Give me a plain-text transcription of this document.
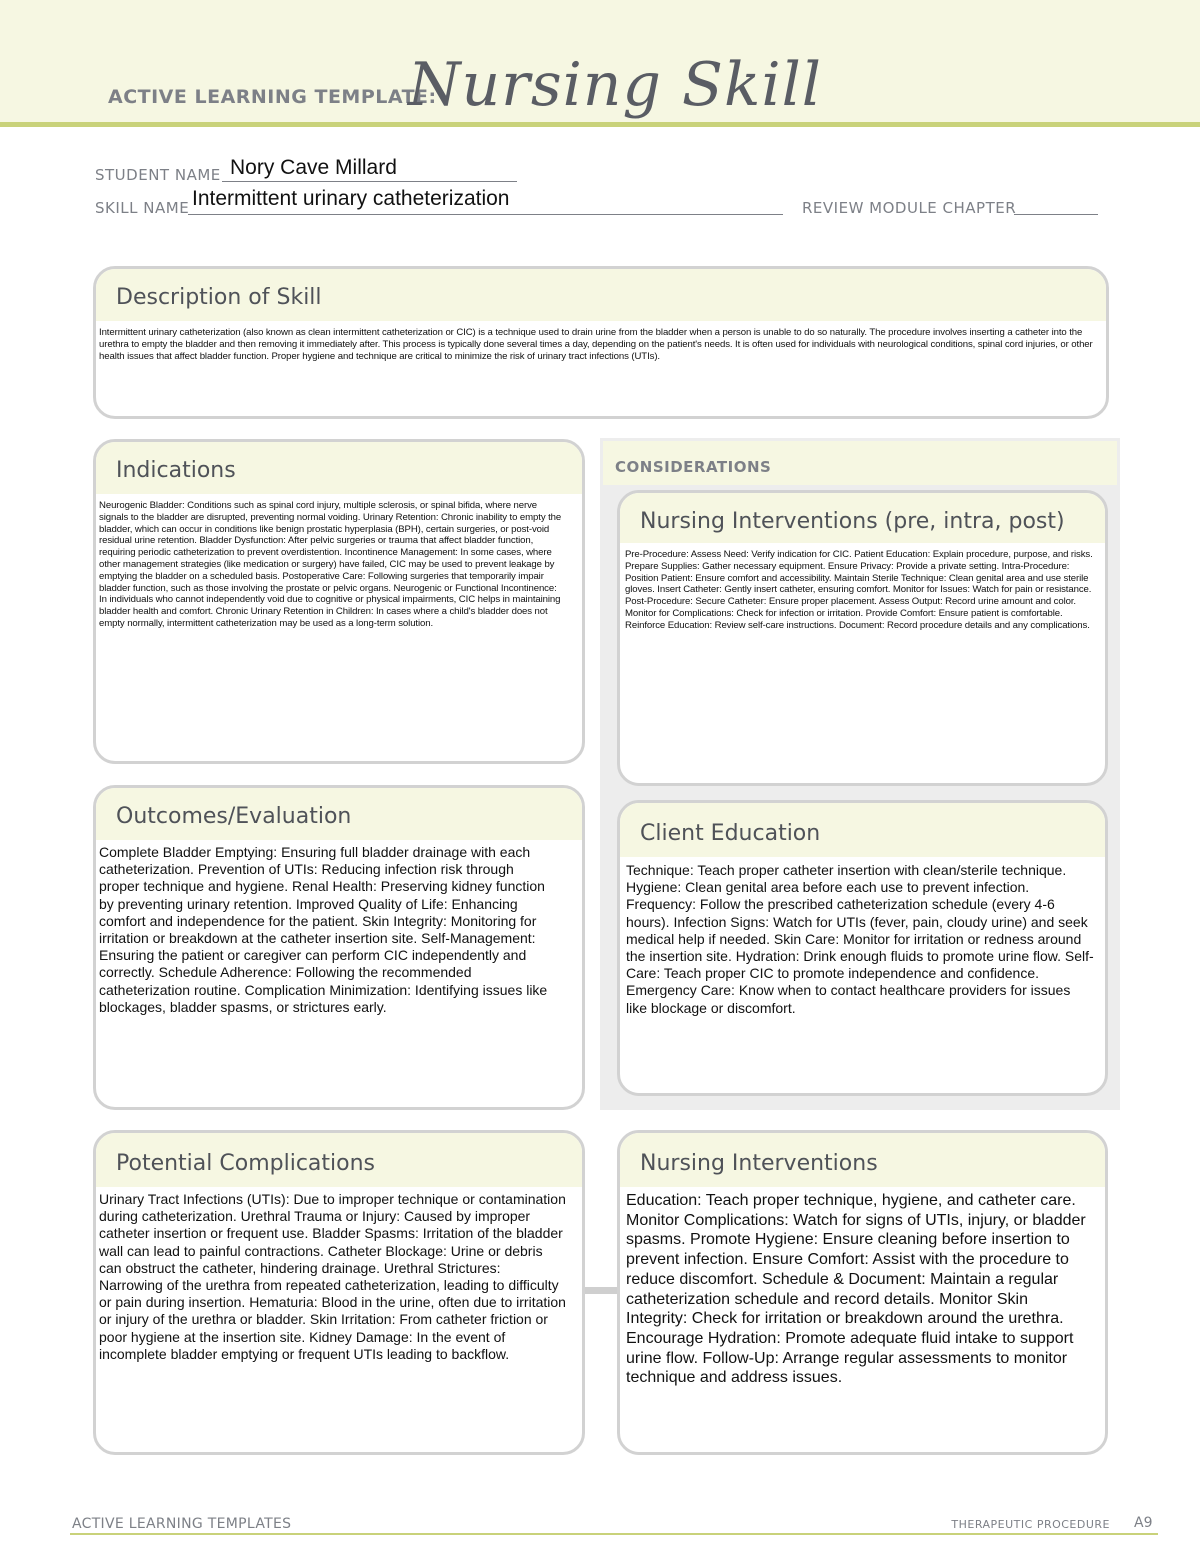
ACTIVE LEARNING TEMPLATE:
Nursing Skill
STUDENT NAME Nory Cave Millard
SKILL NAME Intermittent urinary catheterization	REVIEW MODULE CHAPTER
Description of Skill
Intermittent urinary catheterization (also known as clean intermittent catheterization or CIC) is a technique used to drain urine from the bladder when a person is unable to do so naturally. The procedure involves inserting a catheter into the urethra to empty the bladder and then removing it immediately after. This process is typically done several times a day, depending on the patient's needs. It is often used for individuals with neurological conditions, spinal cord injuries, or other health issues that affect bladder function. Proper hygiene and technique are critical to minimize the risk of urinary tract infections (UTIs).
Indications
Neurogenic Bladder: Conditions such as spinal cord injury, multiple sclerosis, or spinal bifida, where nerve signals to the bladder are disrupted, preventing normal voiding. Urinary Retention: Chronic inability to empty the bladder, which can occur in conditions like benign prostatic hyperplasia (BPH), certain surgeries, or post-void residual urine retention. Bladder Dysfunction: After pelvic surgeries or trauma that affect bladder function, requiring periodic catheterization to prevent overdistention. Incontinence Management: In some cases, where other management strategies (like medication or surgery) have failed, CIC may be used to prevent leakage by emptying the bladder on a scheduled basis. Postoperative Care: Following surgeries that temporarily impair bladder function, such as those involving the prostate or pelvic organs. Neurogenic or Functional Incontinence: In individuals who cannot independently void due to cognitive or physical impairments, CIC helps in maintaining bladder health and comfort. Chronic Urinary Retention in Children: In cases where a child's bladder does not empty normally, intermittent catheterization may be used as a long-term solution.
Outcomes/Evaluation
Complete Bladder Emptying: Ensuring full bladder drainage with each catheterization. Prevention of UTIs: Reducing infection risk through proper technique and hygiene. Renal Health: Preserving kidney function by preventing urinary retention. Improved Quality of Life: Enhancing comfort and independence for the patient. Skin Integrity: Monitoring for irritation or breakdown at the catheter insertion site. Self-Management: Ensuring the patient or caregiver can perform CIC independently and correctly. Schedule Adherence: Following the recommended catheterization routine. Complication Minimization: Identifying issues like blockages, bladder spasms, or strictures early.
CONSIDERATIONS
Nursing Interventions (pre, intra, post)
Pre-Procedure: Assess Need: Verify indication for CIC. Patient Education: Explain procedure, purpose, and risks. Prepare Supplies: Gather necessary equipment. Ensure Privacy: Provide a private setting. Intra-Procedure: Position Patient: Ensure comfort and accessibility. Maintain Sterile Technique: Clean genital area and use sterile gloves. Insert Catheter: Gently insert catheter, ensuring comfort. Monitor for Issues: Watch for pain or resistance. Post-Procedure: Secure Catheter: Ensure proper placement. Assess Output: Record urine amount and color. Monitor for Complications: Check for infection or irritation. Provide Comfort: Ensure patient is comfortable. Reinforce Education: Review self-care instructions. Document: Record procedure details and any complications.
Client Education
Technique: Teach proper catheter insertion with clean/sterile technique. Hygiene: Clean genital area before each use to prevent infection. Frequency: Follow the prescribed catheterization schedule (every 4-6 hours). Infection Signs: Watch for UTIs (fever, pain, cloudy urine) and seek medical help if needed. Skin Care: Monitor for irritation or redness around the insertion site. Hydration: Drink enough fluids to promote urine flow. Self-Care: Teach proper CIC to promote independence and confidence. Emergency Care: Know when to contact healthcare providers for issues like blockage or discomfort.
Potential Complications
Urinary Tract Infections (UTIs): Due to improper technique or contamination during catheterization. Urethral Trauma or Injury: Caused by improper catheter insertion or frequent use. Bladder Spasms: Irritation of the bladder wall can lead to painful contractions. Catheter Blockage: Urine or debris can obstruct the catheter, hindering drainage. Urethral Strictures: Narrowing of the urethra from repeated catheterization, leading to difficulty or pain during insertion. Hematuria: Blood in the urine, often due to irritation or injury of the urethra or bladder. Skin Irritation: From catheter friction or poor hygiene at the insertion site. Kidney Damage: In the event of incomplete bladder emptying or frequent UTIs leading to backflow.
Nursing Interventions
Education: Teach proper technique, hygiene, and catheter care. Monitor Complications: Watch for signs of UTIs, injury, or bladder spasms. Promote Hygiene: Ensure cleaning before insertion to prevent infection. Ensure Comfort: Assist with the procedure to reduce discomfort. Schedule & Document: Maintain a regular catheterization schedule and record details. Monitor Skin Integrity: Check for irritation or breakdown around the urethra. Encourage Hydration: Promote adequate fluid intake to support urine flow. Follow-Up: Arrange regular assessments to monitor technique and address issues.
ACTIVE LEARNING TEMPLATES	THERAPEUTIC PROCEDURE A9
